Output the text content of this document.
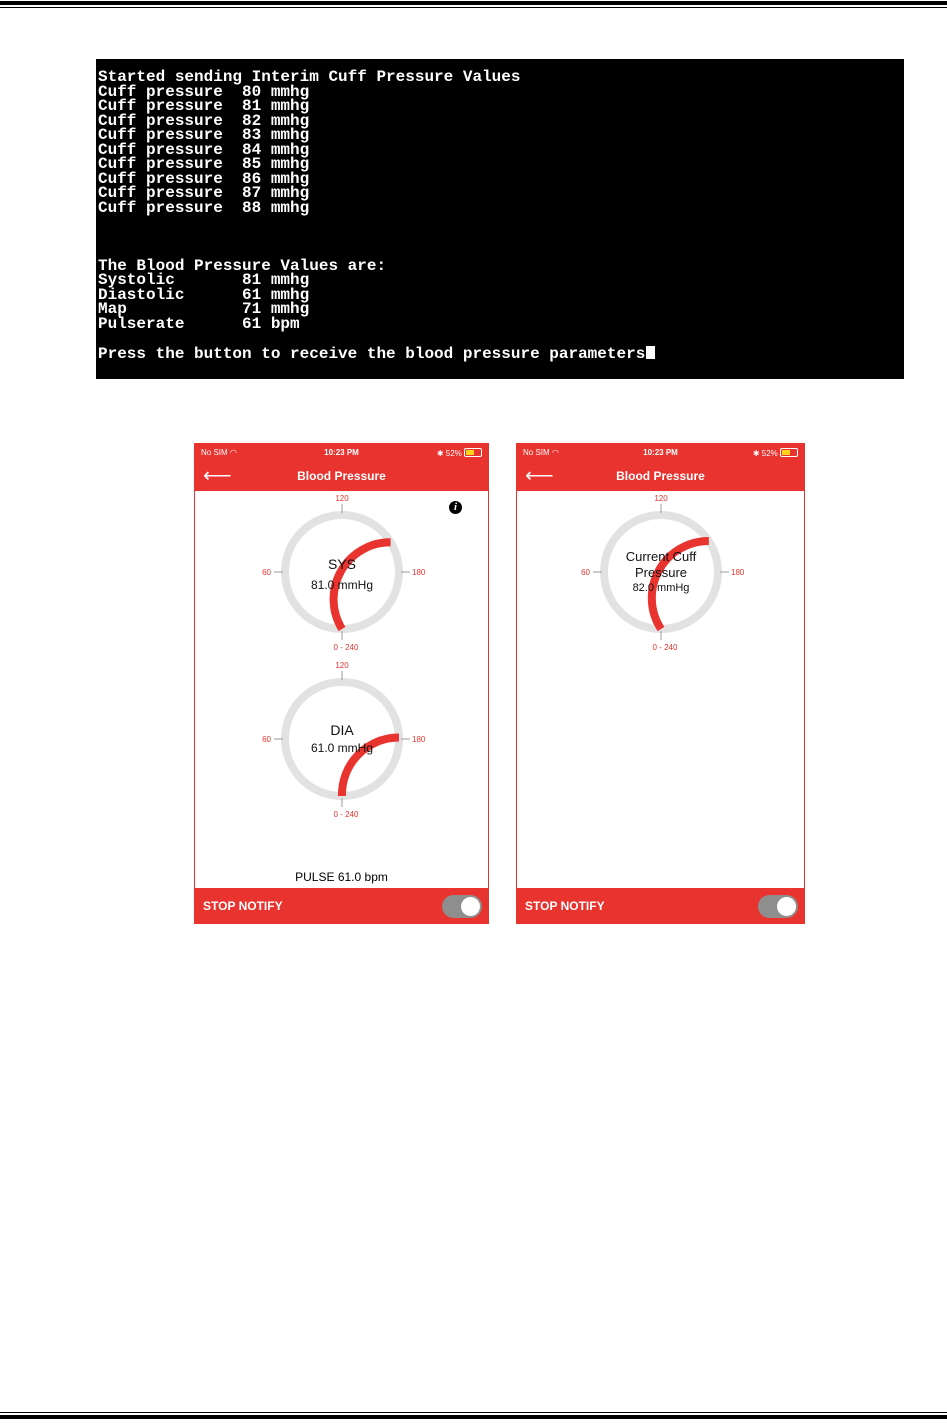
Started sending Interim Cuff Pressure Values
Cuff pressure  80 mmhg
Cuff pressure  81 mmhg
Cuff pressure  82 mmhg
Cuff pressure  83 mmhg
Cuff pressure  84 mmhg
Cuff pressure  85 mmhg
Cuff pressure  86 mmhg
Cuff pressure  87 mmhg
Cuff pressure  88 mmhg
The Blood Pressure Values are:
Systolic       81 mmhg
Diastolic      61 mmhg
Map            71 mmhg
Pulserate      61 bpm
Press the button to receive the blood pressure parameters
No SIM ◠	10:23 PM	✱ 52%
⟵	Blood Pressure
i
120
0 - 240
60	180
120
0 - 240
60	180
SYS
81.0 mmHg
DIA
61.0 mmHg
PULSE 61.0 bpm
STOP NOTIFY
No SIM ◠	10:23 PM	✱ 52%
⟵	Blood Pressure
120
0 - 240
60	180
Current Cuff
Pressure
82.0 mmHg
STOP NOTIFY
